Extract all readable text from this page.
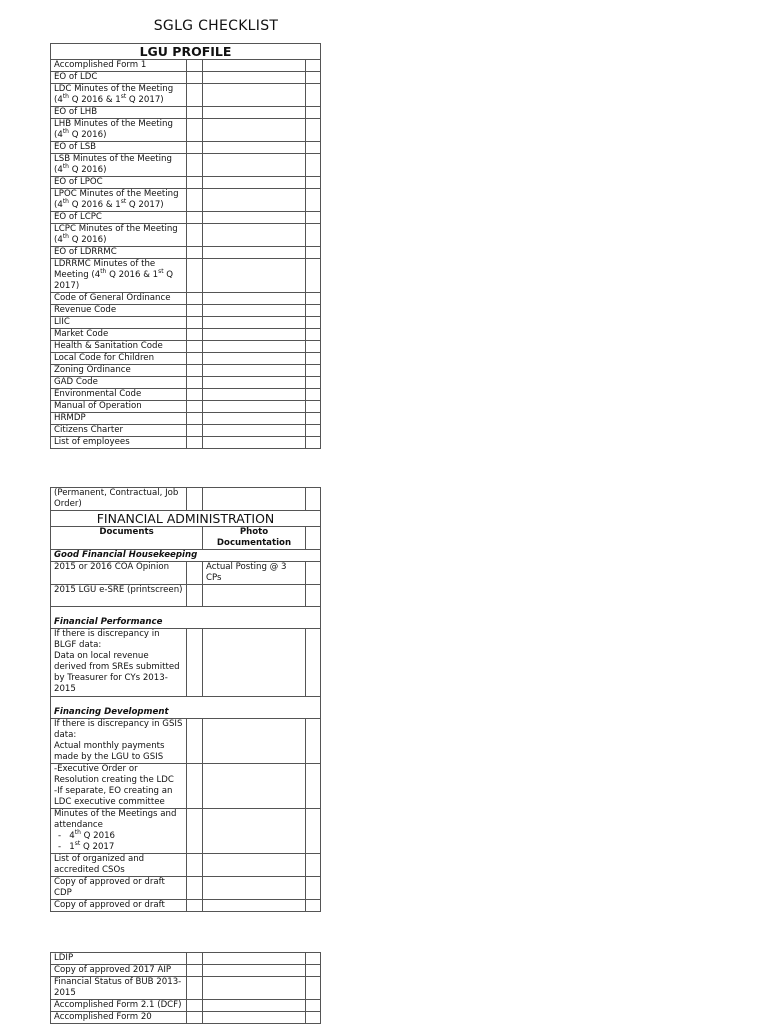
SGLG CHECKLIST
LGU PROFILE			
Accomplished Form 1			
EO of LDC			
LDC Minutes of the Meeting (4th Q 2016 & 1st Q 2017)			
EO of LHB			
LHB Minutes of the Meeting (4th Q 2016)			
EO of LSB			
LSB Minutes of the Meeting (4th Q 2016)			
EO of LPOC			
LPOC Minutes of the Meeting (4th Q 2016 & 1st Q 2017)			
EO of LCPC			
LCPC Minutes of the Meeting (4th Q 2016)			
EO of LDRRMC			
LDRRMC Minutes of the Meeting (4th Q 2016 & 1st Q 2017)			
Code of General Ordinance			
Revenue Code			
LIIC			
Market Code			
Health & Sanitation Code			
Local Code for Children			
Zoning Ordinance			
GAD Code			
Environmental Code			
Manual of Operation			
HRMDP			
Citizens Charter			
List of employees			
(Permanent, Contractual, Job Order)			
FINANCIAL ADMINISTRATION			
Documents		Photo Documentation	
Good Financial Housekeeping			
2015 or 2016 COA Opinion		Actual Posting @ 3 CPs	
2015 LGU e-SRE (printscreen)			
Financial Performance			
If there is discrepancy in BLGF data:
Data on local revenue derived from SREs submitted by Treasurer for CYs 2013-2015			
Financing Development			
If there is discrepancy in GSIS data:
Actual monthly payments made by the LGU to GSIS			
-Executive Order or Resolution creating the LDC
-If separate, EO creating an LDC executive committee			
Minutes of the Meetings and attendance
-   4th Q 2016
-   1st Q 2017			

List of organized and accredited CSOs			
Copy of approved or draft CDP			
Copy of approved or draft			
LDIP			
Copy of approved 2017 AIP			
Financial Status of BUB 2013-2015			
Accomplished Form 2.1 (DCF)			
Accomplished Form 20			
